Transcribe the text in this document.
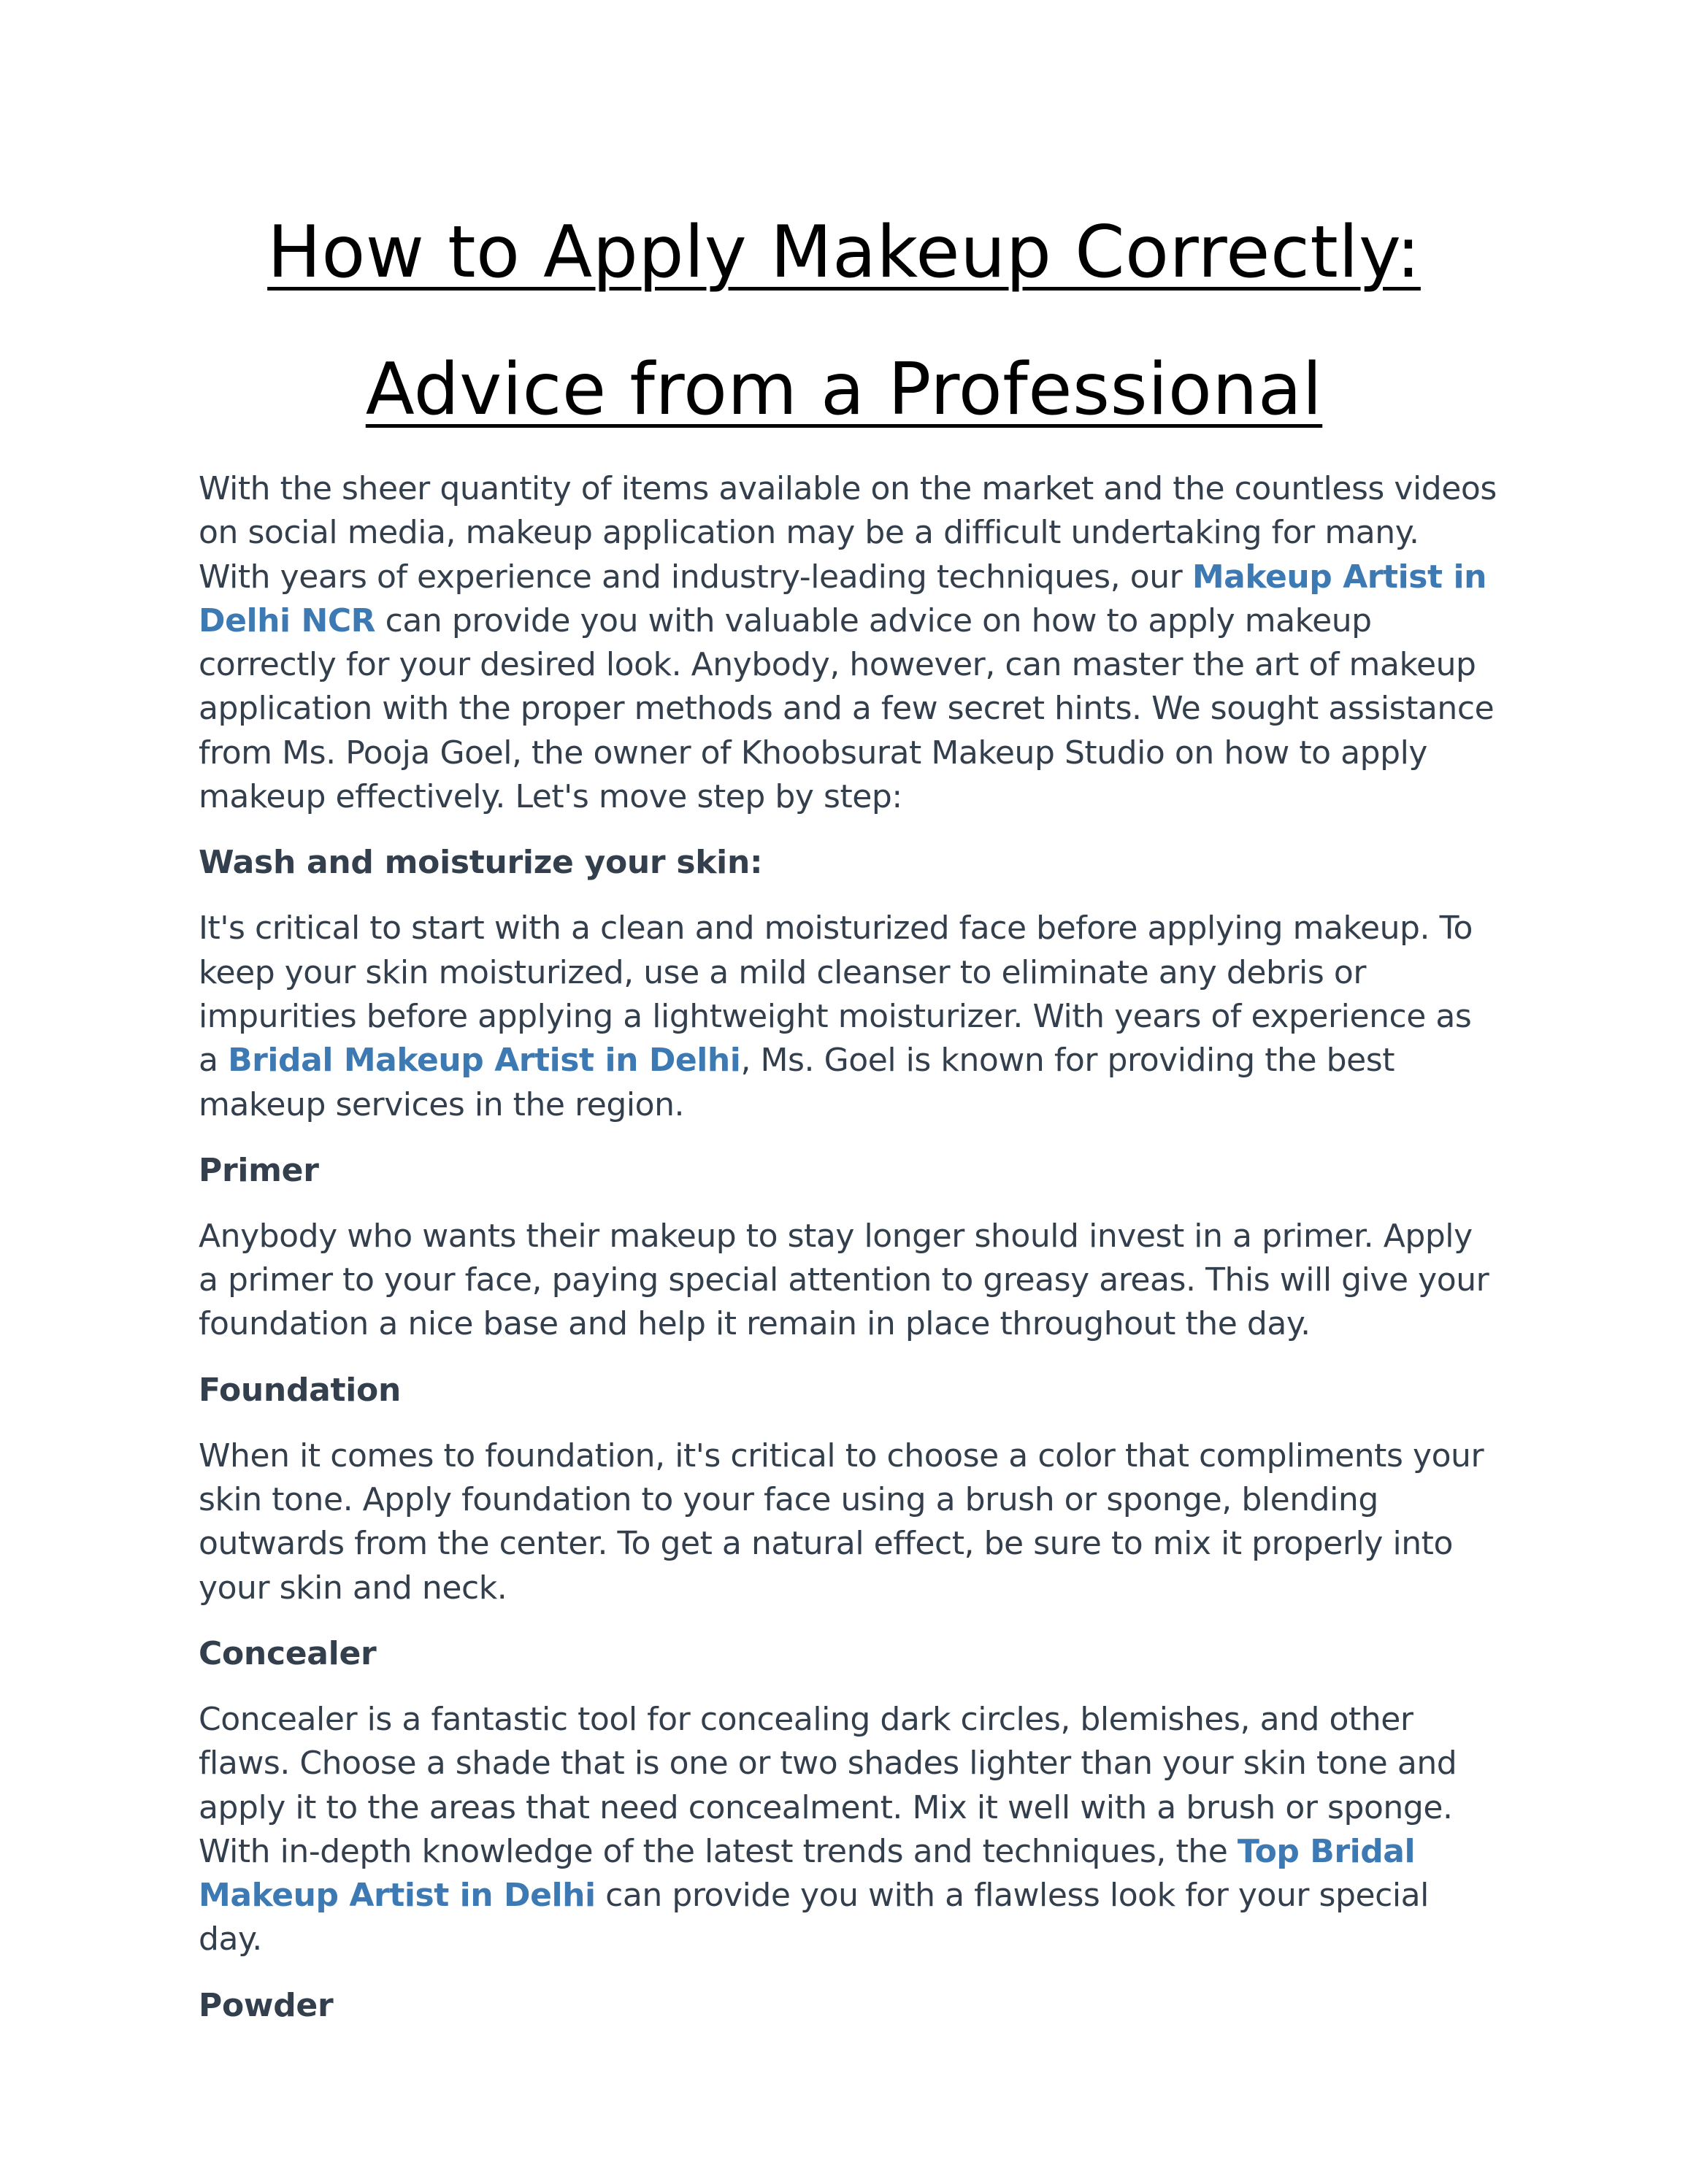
How to Apply Makeup Correctly: Advice from a Professional

With the sheer quantity of items available on the market and the countless videos on social media, makeup application may be a difficult undertaking for many. With years of experience and industry-leading techniques, our Makeup Artist in Delhi NCR can provide you with valuable advice on how to apply makeup correctly for your desired look. Anybody, however, can master the art of makeup application with the proper methods and a few secret hints. We sought assistance from Ms. Pooja Goel, the owner of Khoobsurat Makeup Studio on how to apply makeup effectively. Let's move step by step:

Wash and moisturize your skin:

It's critical to start with a clean and moisturized face before applying makeup. To keep your skin moisturized, use a mild cleanser to eliminate any debris or impurities before applying a lightweight moisturizer. With years of experience as a Bridal Makeup Artist in Delhi, Ms. Goel is known for providing the best makeup services in the region.

Primer

Anybody who wants their makeup to stay longer should invest in a primer. Apply a primer to your face, paying special attention to greasy areas. This will give your foundation a nice base and help it remain in place throughout the day.

Foundation

When it comes to foundation, it's critical to choose a color that compliments your skin tone. Apply foundation to your face using a brush or sponge, blending outwards from the center. To get a natural effect, be sure to mix it properly into your skin and neck.

Concealer

Concealer is a fantastic tool for concealing dark circles, blemishes, and other flaws. Choose a shade that is one or two shades lighter than your skin tone and apply it to the areas that need concealment. Mix it well with a brush or sponge. With in-depth knowledge of the latest trends and techniques, the Top Bridal Makeup Artist in Delhi can provide you with a flawless look for your special day.

Powder
